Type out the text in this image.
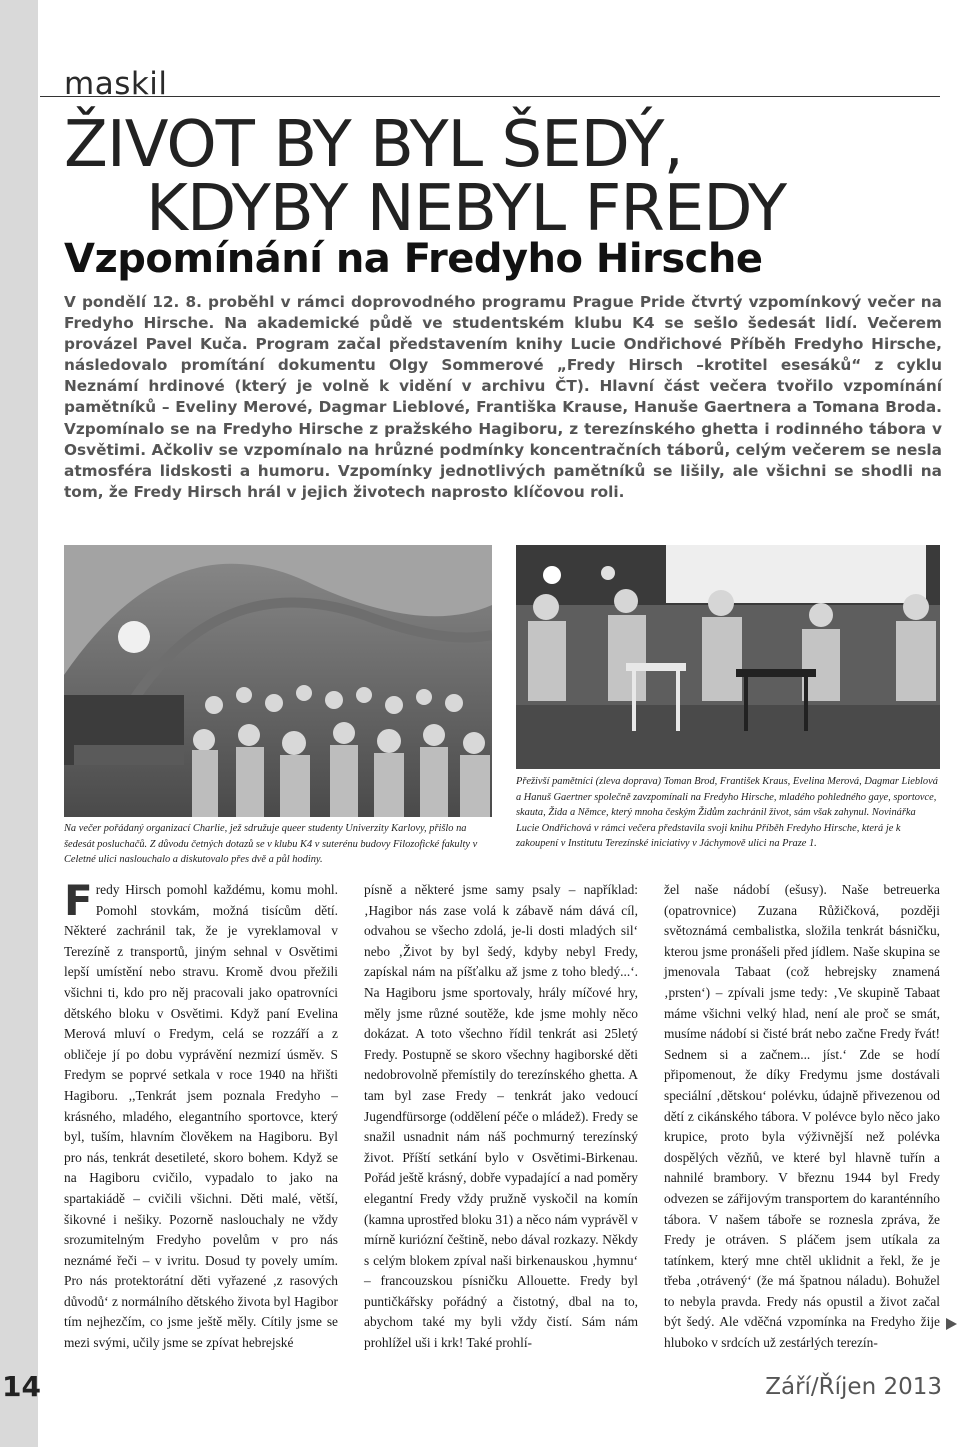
maskil
ŽIVOT BY BYL ŠEDÝ,
KDYBY NEBYL FREDY
Vzpomínání na Fredyho Hirsche
V pondělí 12. 8. proběhl v rámci doprovodného programu Prague Pride čtvrtý vzpomínkový večer na Fredyho Hirsche. Na akademické půdě ve studentském klubu K4 se sešlo šedesát lidí. Večerem provázel Pavel Kuča. Program začal představením knihy Lucie Ondřichové Příběh Fredyho Hirsche, následovalo promítání dokumentu Olgy Sommerové „Fredy Hirsch –krotitel esesáků“ z cyklu Neznámí hrdinové (který je volně k vidění v archivu ČT). Hlavní část večera tvořilo vzpomínání pamětníků – Eveliny Merové, Dagmar Lieblové, Františka Krause, Hanuše Gaertnera a Tomana Broda. Vzpomínalo se na Fredyho Hirsche z pražského Hagiboru, z terezínského ghetta i rodinného tábora v Osvětimi. Ačkoliv se vzpomínalo na hrůzné podmínky koncentračních táborů, celým večerem se nesla atmosféra lidskosti a humoru. Vzpomínky jednotlivých pamětníků se lišily, ale všichni se shodli na tom, že Fredy Hirsch hrál v jejich životech naprosto klíčovou roli.
Na večer pořádaný organizací Charlie, jež sdružuje queer studenty Univerzity Karlovy, přišlo na šedesát posluchačů. Z důvodu četných dotazů se v klubu K4 v suterénu budovy Filozofické fakulty v Celetné ulici naslouchalo a diskutovalo přes dvě a půl hodiny.
Přeživší pamětníci (zleva doprava) Toman Brod, František Kraus, Evelina Merová, Dagmar Lieblová a Hanuš Gaertner společně zavzpomínali na Fredyho Hirsche, mladého pohledného gaye, sportovce, skauta, Žida a Němce, který mnoha českým Židům zachránil život, sám však zahynul. Novinářka Lucie Ondřichová v rámci večera představila svoji knihu Příběh Fredyho Hirsche, která je k zakoupení v Institutu Terezínské iniciativy v Jáchymově ulici na Praze 1.
F redy Hirsch pomohl každému, komu mohl. Pomohl stovkám, možná tisícům dětí. Některé zachránil tak, že je vyreklamoval v Terezíně z transportů, jiným sehnal v Osvětimi lepší umístění nebo stravu. Kromě dvou přežili všichni ti, kdo pro něj pracovali jako opatrovníci dětského bloku v Osvětimi. Když paní Evelina Merová mluví o Fredym, celá se rozzáří a z obličeje jí po dobu vyprávění nezmizí úsměv. S Fredym se poprvé setkala v roce 1940 na hřišti Hagiboru. ,,Tenkrát jsem poznala Fredyho – krásného, mladého, elegantního sportovce, který byl, tuším, hlavním člověkem na Hagiboru. Byl pro nás, tenkrát desetileté, skoro bohem. Když se na Hagiboru cvičilo, vypadalo to jako na spartakiádě – cvičili všichni. Děti malé, větší, šikovné i nešiky. Pozorně naslouchaly ne vždy srozumitelným Fredyho povelům v pro nás neznámé řeči – v ivritu. Dosud ty povely umím. Pro nás protektorátní děti vyřazené ,z rasových důvodů‘ z normálního dětského života byl Hagibor tím nejhezčím, co jsme ještě měly. Cítily jsme se mezi svými, učily jsme se zpívat hebrejské
písně a některé jsme samy psaly – například: ‚Hagibor nás zase volá k zábavě nám dává cíl, odvahou se všecho zdolá, je-li dosti mladých sil‘ nebo ‚Život by byl šedý, kdyby nebyl Fredy, zapískal nám na píšťalku až jsme z toho bledý...‘. Na Hagiboru jsme sportovaly, hrály míčové hry, měly jsme různé soutěže, kde jsme mohly něco dokázat. A toto všechno řídil tenkrát asi 25letý Fredy. Postupně se skoro všechny hagiborské děti nedobrovolně přemístily do terezínského ghetta. A tam byl zase Fredy – tenkrát jako vedoucí Jugendfürsorge (oddělení péče o mládež). Fredy se snažil usnadnit nám náš pochmurný terezínský život. Příští setkání bylo v Osvětimi-Birkenau. Pořád ještě krásný, dobře vypadající a nad poměry elegantní Fredy vždy pružně vyskočil na komín (kamna uprostřed bloku 31) a něco nám vyprávěl v mírně kuriózní češtině, nebo dával rozkazy. Někdy s celým blokem zpíval naši birkenauskou ‚hymnu‘ – francouzskou písničku Allouette. Fredy byl puntičkářsky pořádný a čistotný, dbal na to, abychom také my byli vždy čistí. Sám nám prohlížel uši i krk! Také prohlí-
žel naše nádobí (ešusy). Naše betreuerka (opatrovnice) Zuzana Růžičková, později světoznámá cembalistka, složila tenkrát básničku, kterou jsme pronášeli před jídlem. Naše skupina se jmenovala Tabaat (což hebrejsky znamená ‚prsten‘) – zpívali jsme tedy: ‚Ve skupině Tabaat máme všichni velký hlad, není ale proč se smát, musíme nádobí si čisté brát nebo začne Fredy řvát! Sednem si a začnem... jíst.‘ Zde se hodí připomenout, že díky Fredymu jsme dostávali speciální ‚dětskou‘ polévku, údajně přivezenou od dětí z cikánského tábora. V polévce bylo něco jako krupice, proto byla výživnější než polévka dospělých vězňů, ve které byl hlavně tuřín a nahnilé brambory. V březnu 1944 byl Fredy odvezen se zářijovým transportem do karanténního tábora. V našem táboře se roznesla zpráva, že Fredy je otráven. S pláčem jsem utíkala za tatínkem, který mne chtěl uklidnit a řekl, že je třeba ‚otrávený‘ (že má špatnou náladu). Bohužel to nebyla pravda. Fredy nás opustil a život začal být šedý. Ale vděčná vzpomínka na Fredyho žije hluboko v srdcích už zestárlých terezín-
14	Září/Říjen 2013
